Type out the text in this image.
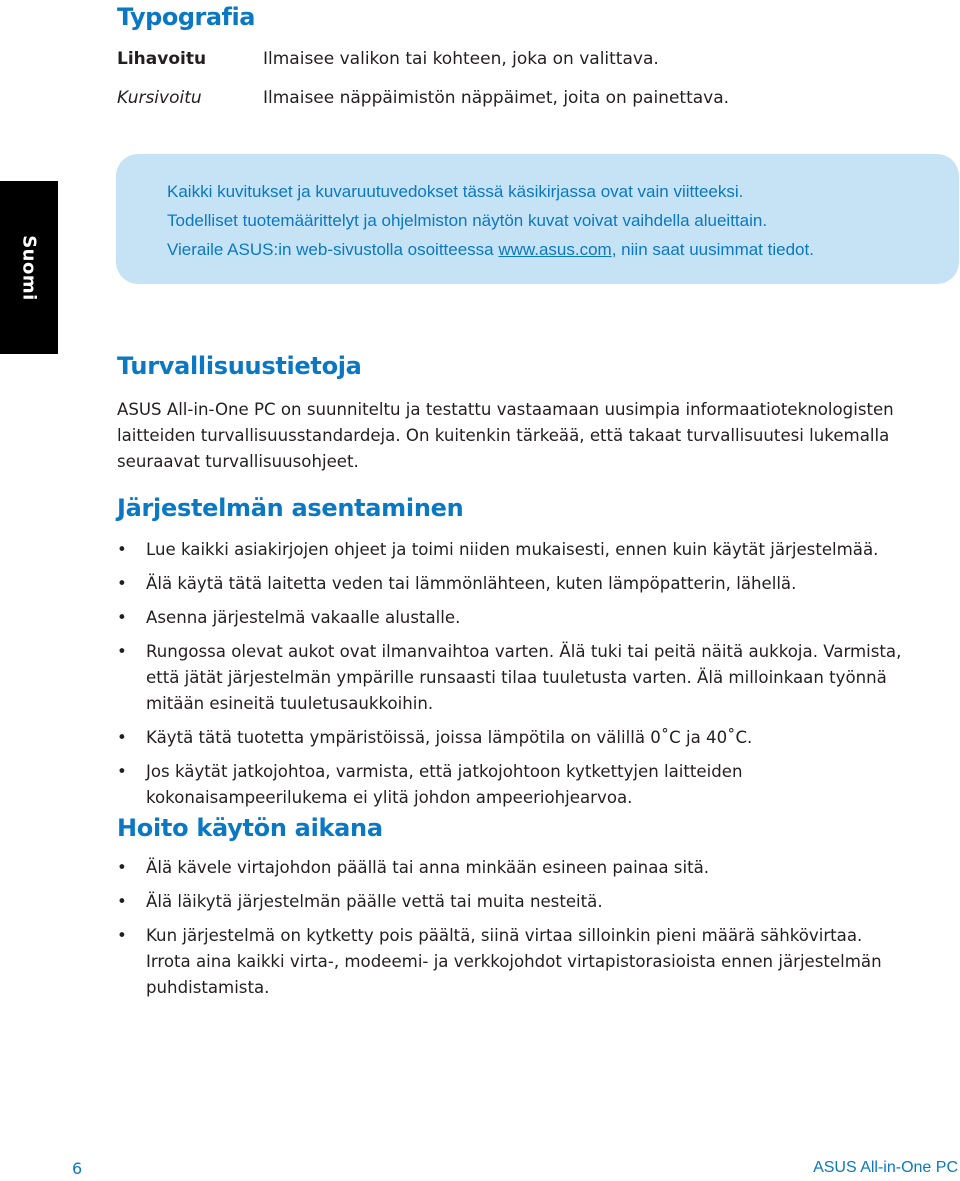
Suomi
Typografia
Lihavoitu	Ilmaisee valikon tai kohteen, joka on valittava.
Kursivoitu	Ilmaisee näppäimistön näppäimet, joita on painettava.
Kaikki kuvitukset ja kuvaruutuvedokset tässä käsikirjassa ovat vain viitteeksi.
Todelliset tuotemäärittelyt ja ohjelmiston näytön kuvat voivat vaihdella alueittain.
Vieraile ASUS:in web-sivustolla osoitteessa www.asus.com, niin saat uusimmat tiedot.
Turvallisuustietoja
ASUS All-in-One PC on suunniteltu ja testattu vastaamaan uusimpia informaatioteknologisten
laitteiden turvallisuusstandardeja. On kuitenkin tärkeää, että takaat turvallisuutesi lukemalla
seuraavat turvallisuusohjeet.
Järjestelmän asentaminen
• Lue kaikki asiakirjojen ohjeet ja toimi niiden mukaisesti, ennen kuin käytät järjestelmää.
• Älä käytä tätä laitetta veden tai lämmönlähteen, kuten lämpöpatterin, lähellä.
• Asenna järjestelmä vakaalle alustalle.
• Rungossa olevat aukot ovat ilmanvaihtoa varten. Älä tuki tai peitä näitä aukkoja. Varmista,
että jätät järjestelmän ympärille runsaasti tilaa tuuletusta varten. Älä milloinkaan työnnä
mitään esineitä tuuletusaukkoihin.
• Käytä tätä tuotetta ympäristöissä, joissa lämpötila on välillä 0˚C ja 40˚C.
• Jos käytät jatkojohtoa, varmista, että jatkojohtoon kytkettyjen laitteiden
kokonaisampeerilukema ei ylitä johdon ampeeriohjearvoa.
Hoito käytön aikana
• Älä kävele virtajohdon päällä tai anna minkään esineen painaa sitä.
• Älä läikytä järjestelmän päälle vettä tai muita nesteitä.
• Kun järjestelmä on kytketty pois päältä, siinä virtaa silloinkin pieni määrä sähkövirtaa.
Irrota aina kaikki virta-, modeemi- ja verkkojohdot virtapistorasioista ennen järjestelmän
puhdistamista.
6	ASUS All-in-One PC
